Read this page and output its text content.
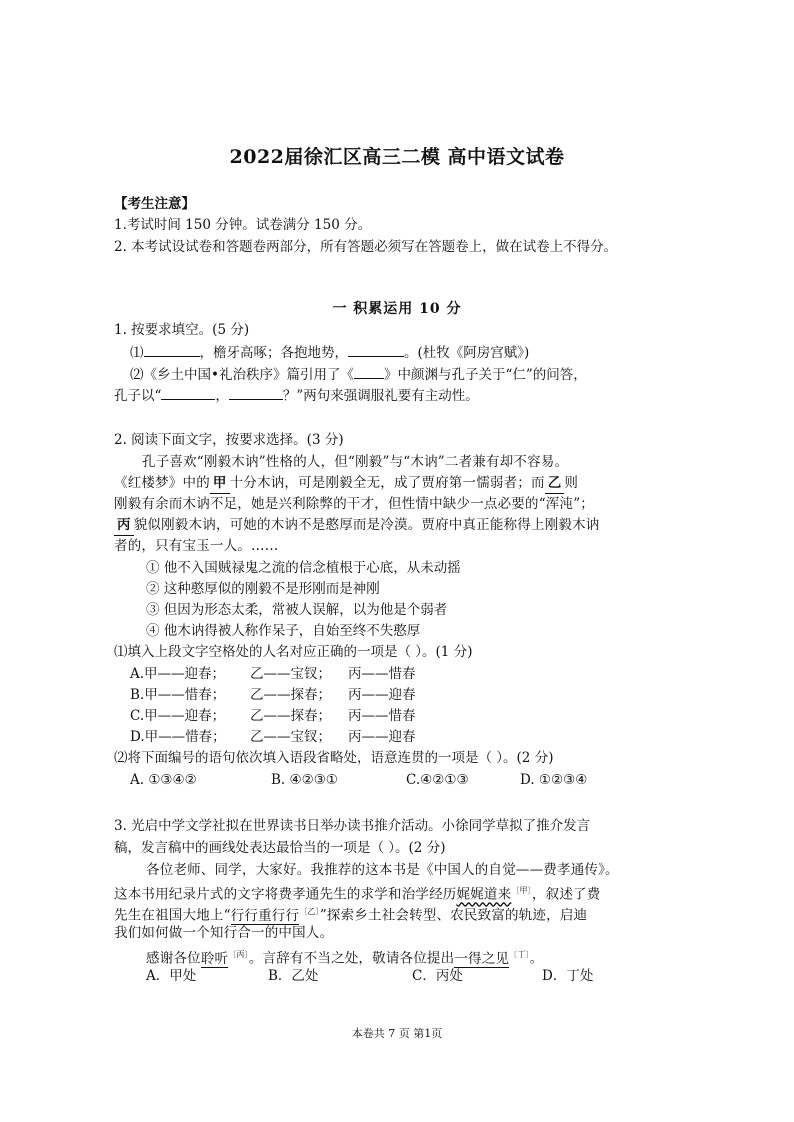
2022届徐汇区高三二模 高中语文试卷
【考生注意】
1.考试时间 150 分钟。试卷满分 150 分。
2. 本考试设试卷和答题卷两部分，所有答题必须写在答题卷上，做在试卷上不得分。
一 积累运用 10 分
1. 按要求填空。(5 分)
⑴	，檐牙高啄；各抱地势，	。(杜牧《阿房宫赋》)
⑵《乡土中国•礼治秩序》篇引用了《 》中颜渊与孔子关于“仁”的问答，
孔子以“	，	？”两句来强调服礼要有主动性。
2. 阅读下面文字，按要求选择。(3 分)
孔子喜欢“刚毅木讷”性格的人，但“刚毅”与“木讷”二者兼有却不容易。
《红楼梦》中的 甲 十分木讷，可是刚毅全无，成了贾府第一懦弱者；而 乙 则
刚毅有余而木讷不足，她是兴利除弊的干才，但性情中缺少一点必要的“浑沌”；
丙 貌似刚毅木讷，可她的木讷不是憨厚而是冷漠。贾府中真正能称得上刚毅木讷
者的，只有宝玉一人。……
① 他不入国贼禄鬼之流的信念植根于心底，从未动摇
② 这种憨厚似的刚毅不是形刚而是神刚
③ 但因为形态太柔，常被人误解，以为他是个弱者
④ 他木讷得被人称作呆子，自始至终不失憨厚
⑴填入上段文字空格处的人名对应正确的一项是（ ）。(1 分)
A.甲——迎春； 乙——宝钗； 丙——惜春
B.甲——惜春； 乙——探春； 丙——迎春
C.甲——迎春； 乙——探春； 丙——惜春
D.甲——惜春； 乙——宝钗； 丙——迎春
⑵将下面编号的语句依次填入语段省略处，语意连贯的一项是（ ）。(2 分)
A. ①③④②	B. ④②③①	C.④②①③	D. ①②③④
3. 光启中学文学社拟在世界读书日举办读书推介活动。小徐同学草拟了推介发言
稿，发言稿中的画线处表达最恰当的一项是（ ）。(2 分)
各位老师、同学，大家好。我推荐的这本书是《中国人的自觉——费孝通传》。
这本书用纪录片式的文字将费孝通先生的求学和治学经历娓娓道来$^{〔甲〕}$，叙述了费
先生在祖国大地上“行行重行行$^{〔乙〕}$”探索乡土社会转型、农民致富的轨迹，启迪
我们如何做一个知行合一的中国人。
感谢各位聆听$^{〔丙〕}$。言辞有不当之处，敬请各位提出一得之见$^{〔丁〕}$。
A．甲处	B．乙处	C．丙处	D．丁处
本卷共 7 页 第1页
